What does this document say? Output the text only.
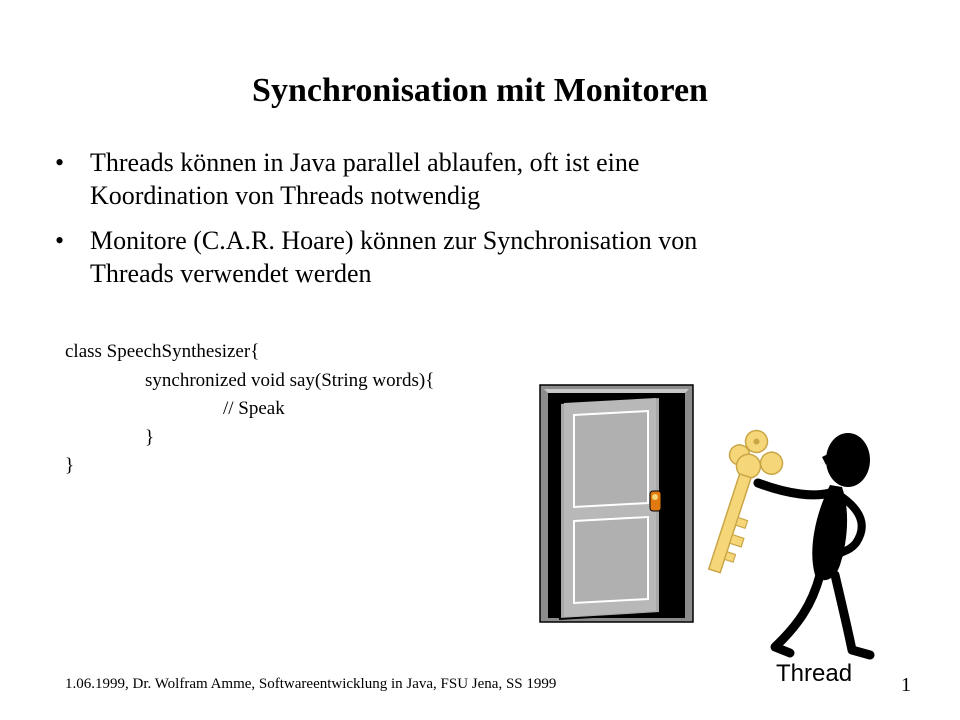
Synchronisation mit Monitoren
• Threads können in Java parallel ablaufen, oft ist eine
Koordination von Threads notwendig
• Monitore (C.A.R. Hoare) können zur Synchronisation von
Threads verwendet werden
class SpeechSynthesizer{
synchronized void say(String words){
// Speak
}
}
Thread
1.06.1999, Dr. Wolfram Amme, Softwareentwicklung in Java, FSU Jena, SS 1999	1
